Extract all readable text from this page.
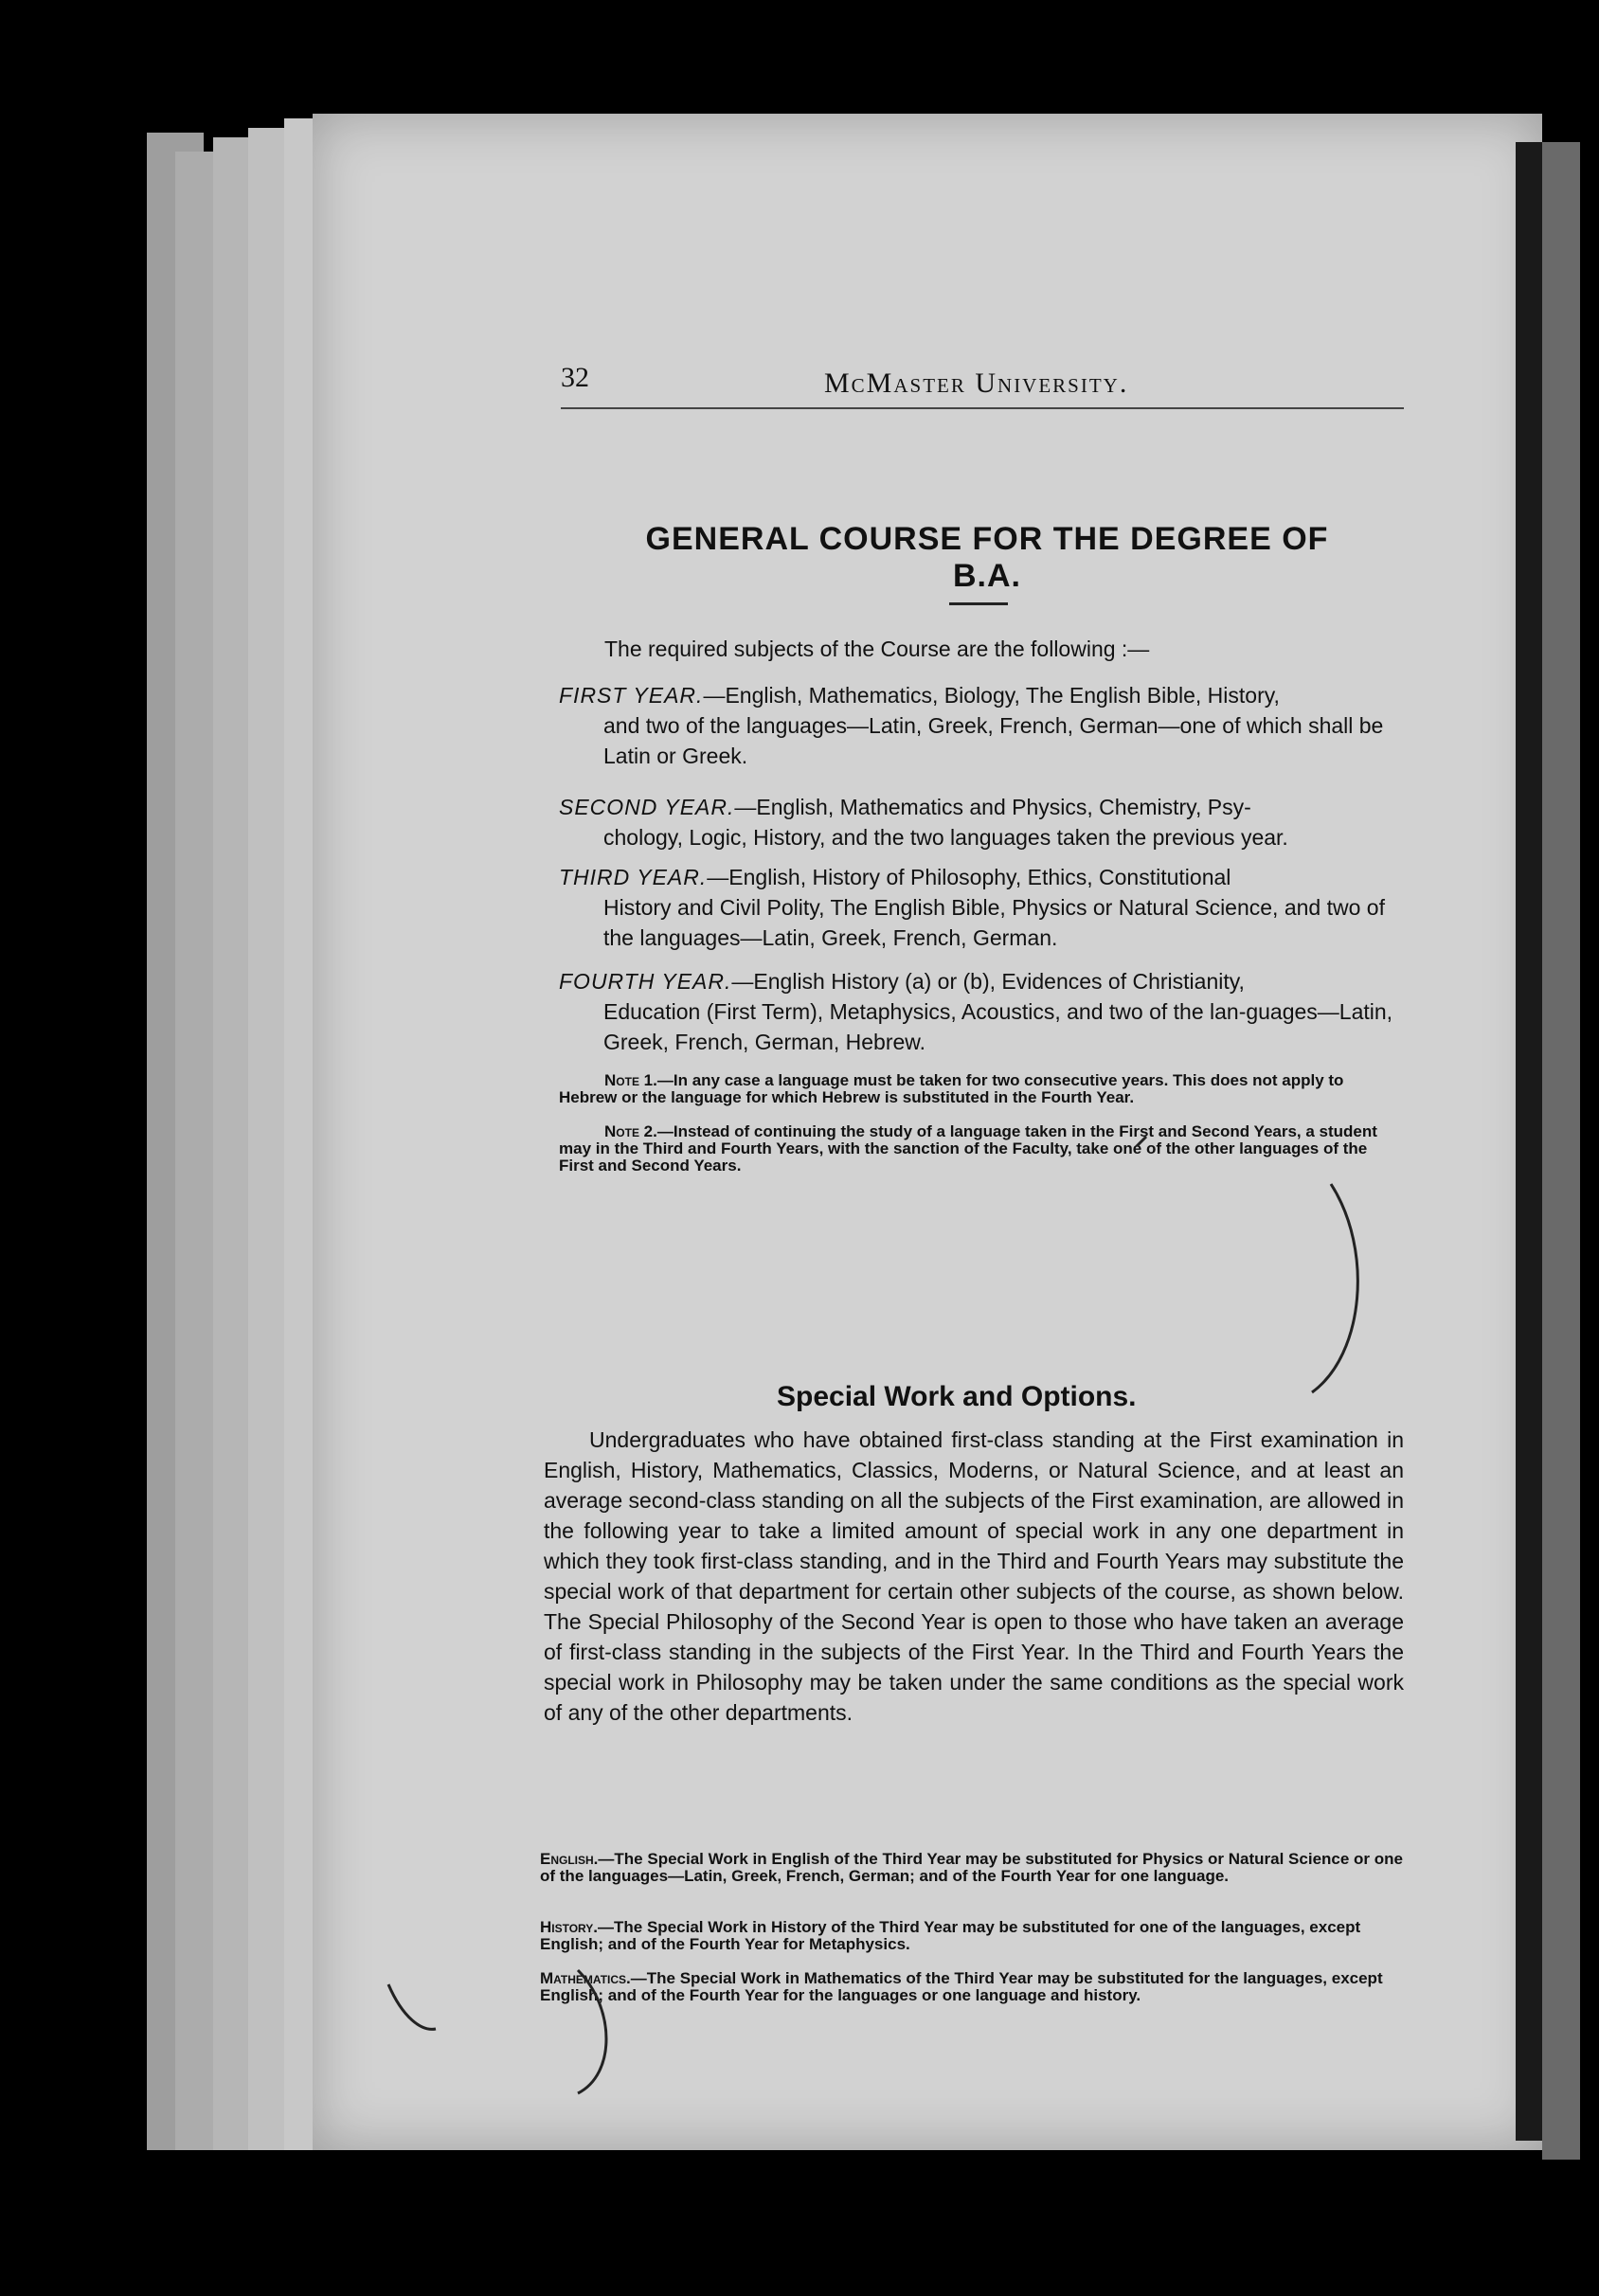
32	McMaster University.
GENERAL COURSE FOR THE DEGREE OF B.A.
The required subjects of the Course are the following :—
FIRST YEAR.—English, Mathematics, Biology, The English Bible, History,
and two of the languages—Latin, Greek, French, German—one of which shall be Latin or Greek.
SECOND YEAR.—English, Mathematics and Physics, Chemistry, Psy-
chology, Logic, History, and the two languages taken the previous year.
THIRD YEAR.—English, History of Philosophy, Ethics, Constitutional
History and Civil Polity, The English Bible, Physics or Natural Science, and two of the languages—Latin, Greek, French, German.
FOURTH YEAR.—English History (a) or (b), Evidences of Christianity,
Education (First Term), Metaphysics, Acoustics, and two of the lan-guages—Latin, Greek, French, German, Hebrew.
Note 1.—In any case a language must be taken for two consecutive years. This does not apply to Hebrew or the language for which Hebrew is substituted in the Fourth Year.
Note 2.—Instead of continuing the study of a language taken in the First and Second Years, a student may in the Third and Fourth Years, with the sanction of the Faculty, take one of the other languages of the First and Second Years.
Special Work and Options.
Undergraduates who have obtained first-class standing at the First examination in English, History, Mathematics, Classics, Moderns, or Natural Science, and at least an average second-class standing on all the subjects of the First examination, are allowed in the following year to take a limited amount of special work in any one department in which they took first-class standing, and in the Third and Fourth Years may substitute the special work of that department for certain other subjects of the course, as shown below. The Special Philosophy of the Second Year is open to those who have taken an average of first-class standing in the subjects of the First Year. In the Third and Fourth Years the special work in Philosophy may be taken under the same conditions as the special work of any of the other departments.
English.—The Special Work in English of the Third Year may be substituted for Physics or Natural Science or one of the languages—Latin, Greek, French, German; and of the Fourth Year for one language.
History.—The Special Work in History of the Third Year may be substituted for one of the languages, except English; and of the Fourth Year for Metaphysics.
Mathematics.—The Special Work in Mathematics of the Third Year may be substituted for the languages, except English; and of the Fourth Year for the languages or one language and history.
